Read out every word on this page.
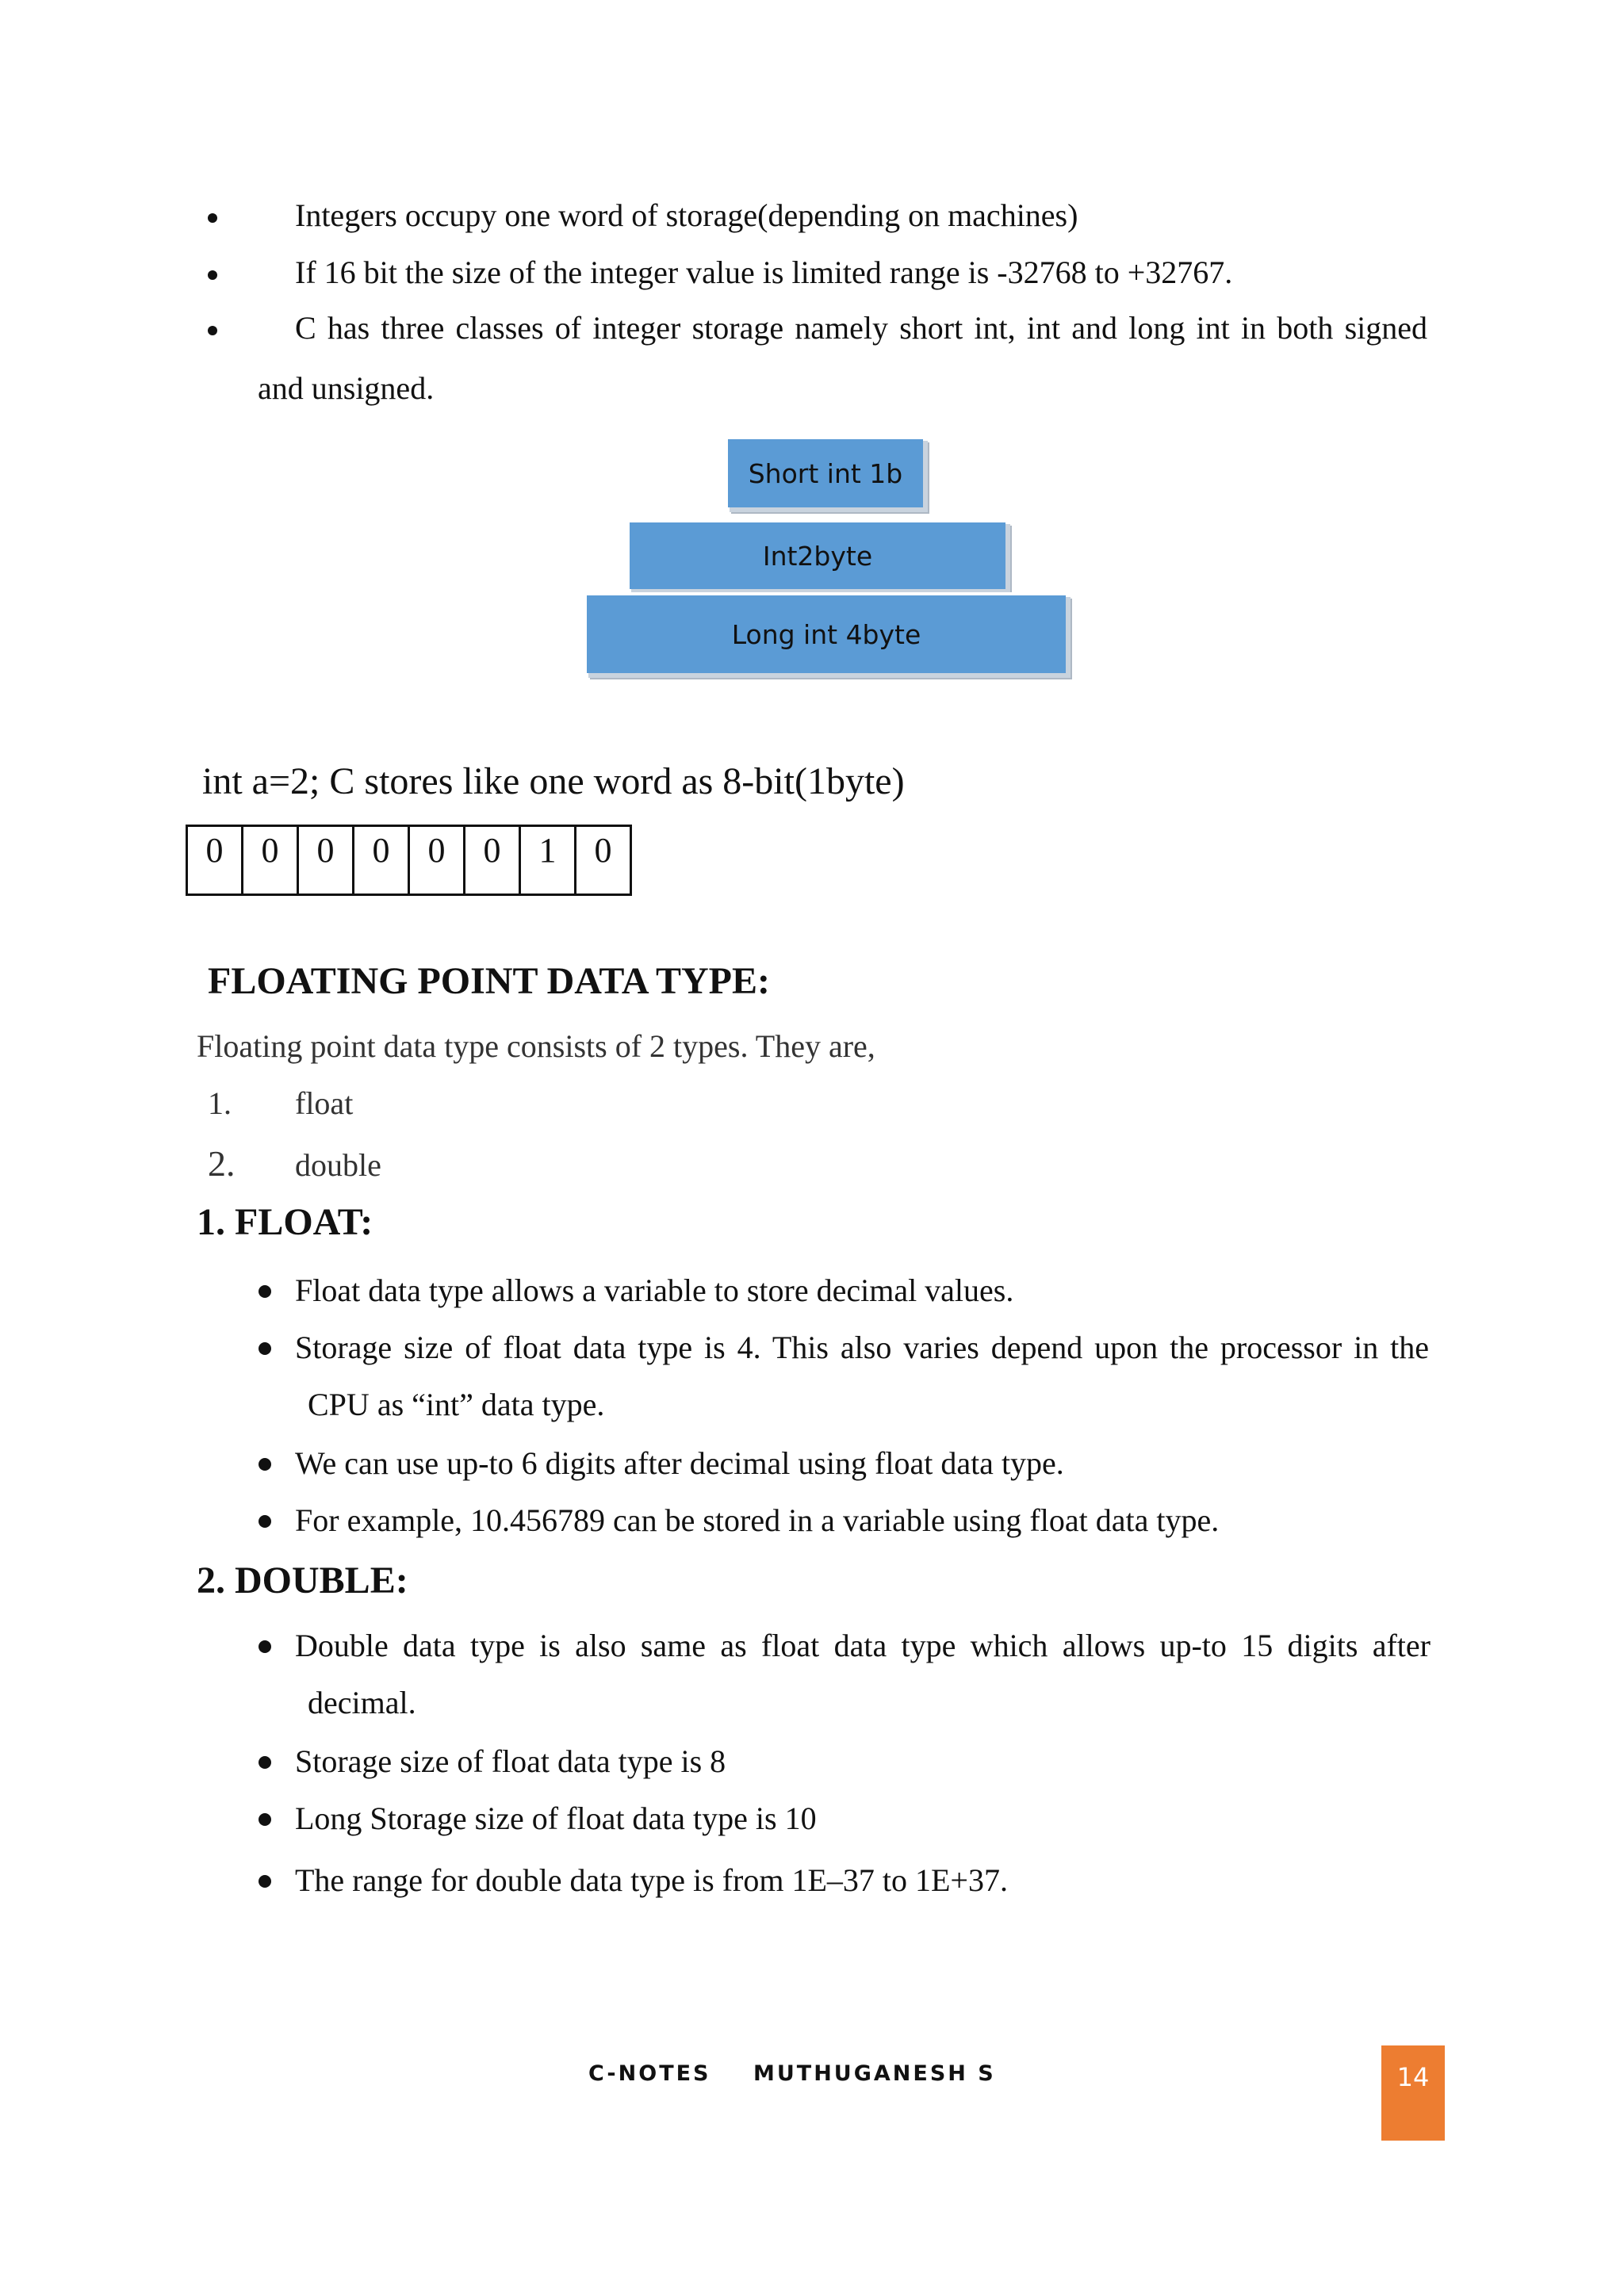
Integers occupy one word of storage(depending on machines)
If 16 bit the size of the integer value is limited range is -32768 to +32767.
C has three classes of integer storage namely short int, int and long int in both signed
and unsigned.
Short int 1b
Int2byte
Long int 4byte
int a=2; C stores like one word as 8-bit(1byte)
0	0	0	0	0	0	1	0
FLOATING POINT DATA TYPE:
Floating point data type consists of 2 types. They are,
1. float
2. double
1. FLOAT:
Float data type allows a variable to store decimal values.
Storage size of float data type is 4. This also varies depend upon the processor in the
CPU as “int” data type.
We can use up-to 6 digits after decimal using float data type.
For example, 10.456789 can be stored in a variable using float data type.
2. DOUBLE:
Double data type is also same as float data type which allows up-to 15 digits after
decimal.
Storage size of float data type is 8
Long Storage size of float data type is 10
The range for double data type is from 1E–37 to 1E+37.
C-NOTES MUTHUGANESH S	14
